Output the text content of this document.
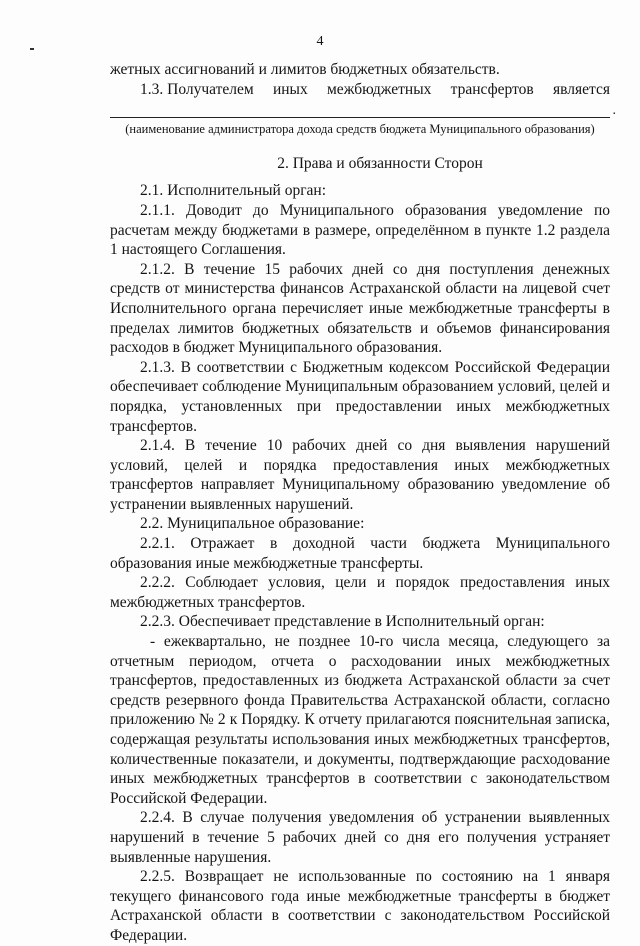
4

жетных ассигнований и лимитов бюджетных обязательств.

1.3. Получателем иных межбюджетных трансфертов является
.
(наименование администратора дохода средств бюджета Муниципального образования)
2. Права и обязанности Сторон

2.1. Исполнительный орган:

2.1.1. Доводит до Муниципального образования уведомление по расчетам между бюджетами в размере, определённом в пункте 1.2 раздела 1 настоящего Соглашения.

2.1.2. В течение 15 рабочих дней со дня поступления денежных средств от министерства финансов Астраханской области на лицевой счет Исполнительного органа перечисляет иные межбюджетные трансферты в пределах лимитов бюджетных обязательств и объемов финансирования расходов в бюджет Муниципального образования.

2.1.3. В соответствии с Бюджетным кодексом Российской Федерации обеспечивает соблюдение Муниципальным образованием условий, целей и порядка, установленных при предоставлении иных межбюджетных трансфертов.

2.1.4. В течение 10 рабочих дней со дня выявления нарушений условий, целей и порядка предоставления иных межбюджетных трансфертов направляет Муниципальному образованию уведомление об устранении выявленных нарушений.

2.2. Муниципальное образование:

2.2.1. Отражает в доходной части бюджета Муниципального образования иные межбюджетные трансферты.

2.2.2. Соблюдает условия, цели и порядок предоставления иных межбюджетных трансфертов.

2.2.3. Обеспечивает представление в Исполнительный орган:

- ежеквартально, не позднее 10-го числа месяца, следующего за отчетным периодом, отчета о расходовании иных межбюджетных трансфертов, предоставленных из бюджета Астраханской области за счет средств резервного фонда Правительства Астраханской области, согласно приложению № 2 к Порядку. К отчету прилагаются пояснительная записка, содержащая результаты использования иных межбюджетных трансфертов, количественные показатели, и документы, подтверждающие расходование иных межбюджетных трансфертов в соответствии с законодательством Российской Федерации.

2.2.4. В случае получения уведомления об устранении выявленных нарушений в течение 5 рабочих дней со дня его получения устраняет выявленные нарушения.

2.2.5. Возвращает не использованные по состоянию на 1 января текущего финансового года иные межбюджетные трансферты в бюджет Астраханской области в соответствии с законодательством Российской Федерации.
